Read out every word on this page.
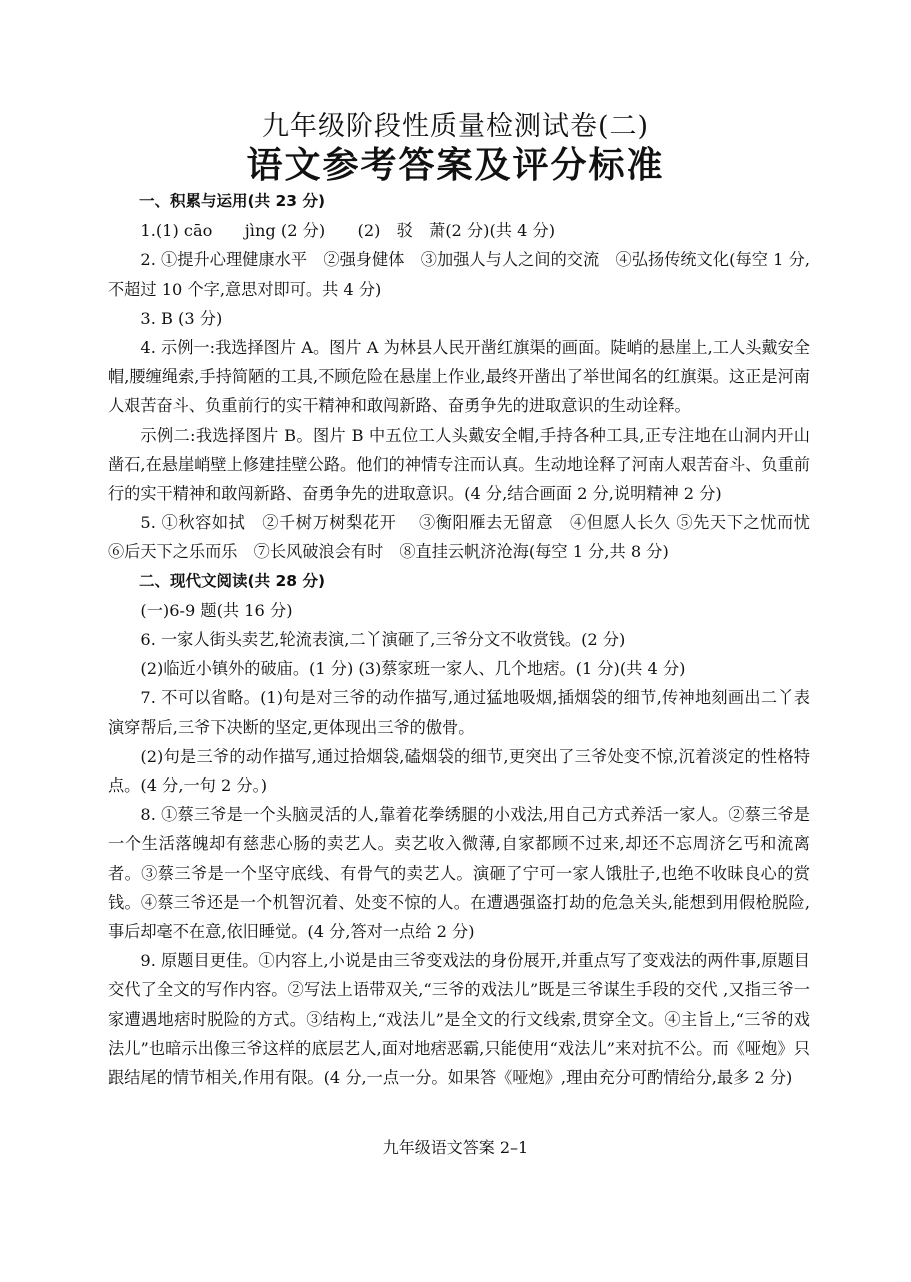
九年级阶段性质量检测试卷(二)
语文参考答案及评分标准

一、积累与运用(共 23 分)

1.(1) cāo　　jìng (2 分)　　(2)　驳　萧(2 分)(共 4 分)

2. ①提升心理健康水平　②强身健体　③加强人与人之间的交流　④弘扬传统文化(每空 1 分,不超过 10 个字,意思对即可。共 4 分)

3. B (3 分)

4. 示例一:我选择图片 A。图片 A 为林县人民开凿红旗渠的画面。陡峭的悬崖上,工人头戴安全帽,腰缠绳索,手持简陋的工具,不顾危险在悬崖上作业,最终开凿出了举世闻名的红旗渠。这正是河南人艰苦奋斗、负重前行的实干精神和敢闯新路、奋勇争先的进取意识的生动诠释。

示例二:我选择图片 B。图片 B 中五位工人头戴安全帽,手持各种工具,正专注地在山洞内开山凿石,在悬崖峭壁上修建挂壁公路。他们的神情专注而认真。生动地诠释了河南人艰苦奋斗、负重前行的实干精神和敢闯新路、奋勇争先的进取意识。(4 分,结合画面 2 分,说明精神 2 分)

5. ①秋容如拭　②千树万树梨花开　 ③衡阳雁去无留意　④但愿人长久 ⑤先天下之忧而忧　⑥后天下之乐而乐　⑦长风破浪会有时　⑧直挂云帆济沧海(每空 1 分,共 8 分)

二、现代文阅读(共 28 分)

(一)6-9 题(共 16 分)

6. 一家人街头卖艺,轮流表演,二丫演砸了,三爷分文不收赏钱。(2 分)

(2)临近小镇外的破庙。(1 分) (3)蔡家班一家人、几个地痞。(1 分)(共 4 分)

7. 不可以省略。(1)句是对三爷的动作描写,通过猛地吸烟,插烟袋的细节,传神地刻画出二丫表演穿帮后,三爷下决断的坚定,更体现出三爷的傲骨。

(2)句是三爷的动作描写,通过拾烟袋,磕烟袋的细节,更突出了三爷处变不惊,沉着淡定的性格特点。(4 分,一句 2 分。)

8. ①蔡三爷是一个头脑灵活的人,靠着花拳绣腿的小戏法,用自己方式养活一家人。②蔡三爷是一个生活落魄却有慈悲心肠的卖艺人。卖艺收入微薄,自家都顾不过来,却还不忘周济乞丐和流离者。③蔡三爷是一个坚守底线、有骨气的卖艺人。演砸了宁可一家人饿肚子,也绝不收昧良心的赏钱。④蔡三爷还是一个机智沉着、处变不惊的人。在遭遇强盗打劫的危急关头,能想到用假枪脱险,事后却毫不在意,依旧睡觉。(4 分,答对一点给 2 分)

9. 原题目更佳。①内容上,小说是由三爷变戏法的身份展开,并重点写了变戏法的两件事,原题目交代了全文的写作内容。②写法上语带双关,“三爷的戏法儿”既是三爷谋生手段的交代 ,又指三爷一家遭遇地痞时脱险的方式。③结构上,“戏法儿”是全文的行文线索,贯穿全文。④主旨上,“三爷的戏法儿”也暗示出像三爷这样的底层艺人,面对地痞恶霸,只能使用“戏法儿”来对抗不公。而《哑炮》只跟结尾的情节相关,作用有限。(4 分,一点一分。如果答《哑炮》,理由充分可酌情给分,最多 2 分)

九年级语文答案 2–1
